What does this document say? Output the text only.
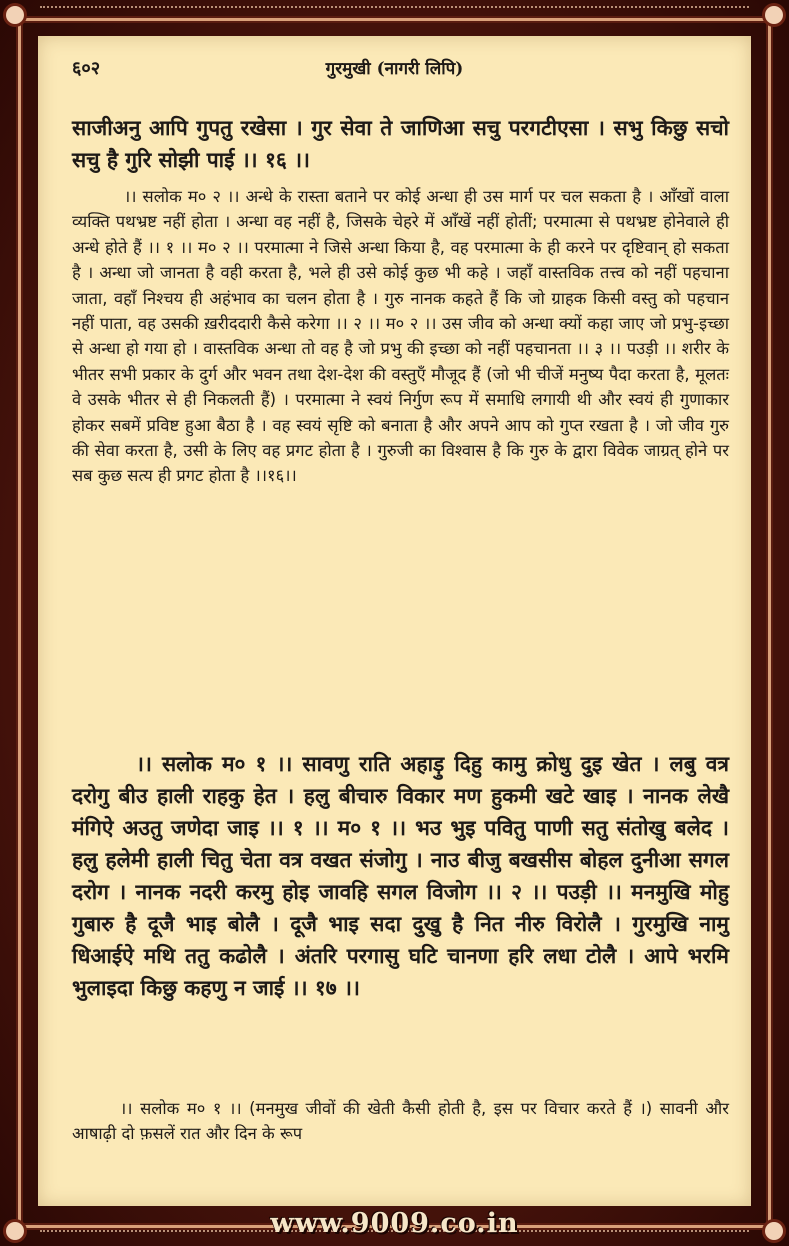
६०२	गुरमुखी (नागरी लिपि)
साजीअनु आपि गुपतु रखेसा । गुर सेवा ते जाणिआ सचु परगटीएसा । सभु किछु सचो सचु है गुरि सोझी पाई ।। १६ ।।
।। सलोक म० २ ।। अन्धे के रास्ता बताने पर कोई अन्धा ही उस मार्ग पर चल सकता है । आँखों वाला व्यक्ति पथभ्रष्ट नहीं होता । अन्धा वह नहीं है, जिसके चेहरे में आँखें नहीं होतीं; परमात्मा से पथभ्रष्ट होनेवाले ही अन्धे होते हैं ।। १ ।। म० २ ।। परमात्मा ने जिसे अन्धा किया है, वह परमात्मा के ही करने पर दृष्टिवान् हो सकता है । अन्धा जो जानता है वही करता है, भले ही उसे कोई कुछ भी कहे । जहाँ वास्तविक तत्त्व को नहीं पहचाना जाता, वहाँ निश्चय ही अहंभाव का चलन होता है । गुरु नानक कहते हैं कि जो ग्राहक किसी वस्तु को पहचान नहीं पाता, वह उसकी ख़रीददारी कैसे करेगा ।। २ ।। म० २ ।। उस जीव को अन्धा क्यों कहा जाए जो प्रभु-इच्छा से अन्धा हो गया हो । वास्तविक अन्धा तो वह है जो प्रभु की इच्छा को नहीं पहचानता ।। ३ ।। पउड़ी ।। शरीर के भीतर सभी प्रकार के दुर्ग और भवन तथा देश-देश की वस्तुएँ मौजूद हैं (जो भी चीजें मनुष्य पैदा करता है, मूलतः वे उसके भीतर से ही निकलती हैं) । परमात्मा ने स्वयं निर्गुण रूप में समाधि लगायी थी और स्वयं ही गुणाकार होकर सबमें प्रविष्ट हुआ बैठा है । वह स्वयं सृष्टि को बनाता है और अपने आप को गुप्त रखता है । जो जीव गुरु की सेवा करता है, उसी के लिए वह प्रगट होता है । गुरुजी का विश्वास है कि गुरु के द्वारा विवेक जाग्रत् होने पर सब कुछ सत्य ही प्रगट होता है ।।१६।।
।। सलोक म० १ ।। सावणु राति अहाड़ु दिहु कामु क्रोधु दुइ खेत । लबु वत्र दरोगु बीउ हाली राहकु हेत । हलु बीचारु विकार मण हुकमी खटे खाइ । नानक लेखै मंगिऐ अउतु जणेदा जाइ ।। १ ।। म० १ ।। भउ भुइ पवितु पाणी सतु संतोखु बलेद । हलु हलेमी हाली चितु चेता वत्र वखत संजोगु । नाउ बीजु बखसीस बोहल दुनीआ सगल दरोग । नानक नदरी करमु होइ जावहि सगल विजोग ।। २ ।। पउड़ी ।। मनमुखि मोहु गुबारु है दूजै भाइ बोलै । दूजै भाइ सदा दुखु है नित नीरु विरोलै । गुरमुखि नामु धिआईऐ मथि ततु कढोलै । अंतरि परगासु घटि चानणा हरि लधा टोलै । आपे भरमि भुलाइदा किछु कहणु न जाई ।। १७ ।।
।। सलोक म० १ ।। (मनमुख जीवों की खेती कैसी होती है, इस पर विचार करते हैं ।) सावनी और आषाढ़ी दो फ़सलें रात और दिन के रूप
www.9009.co.in
